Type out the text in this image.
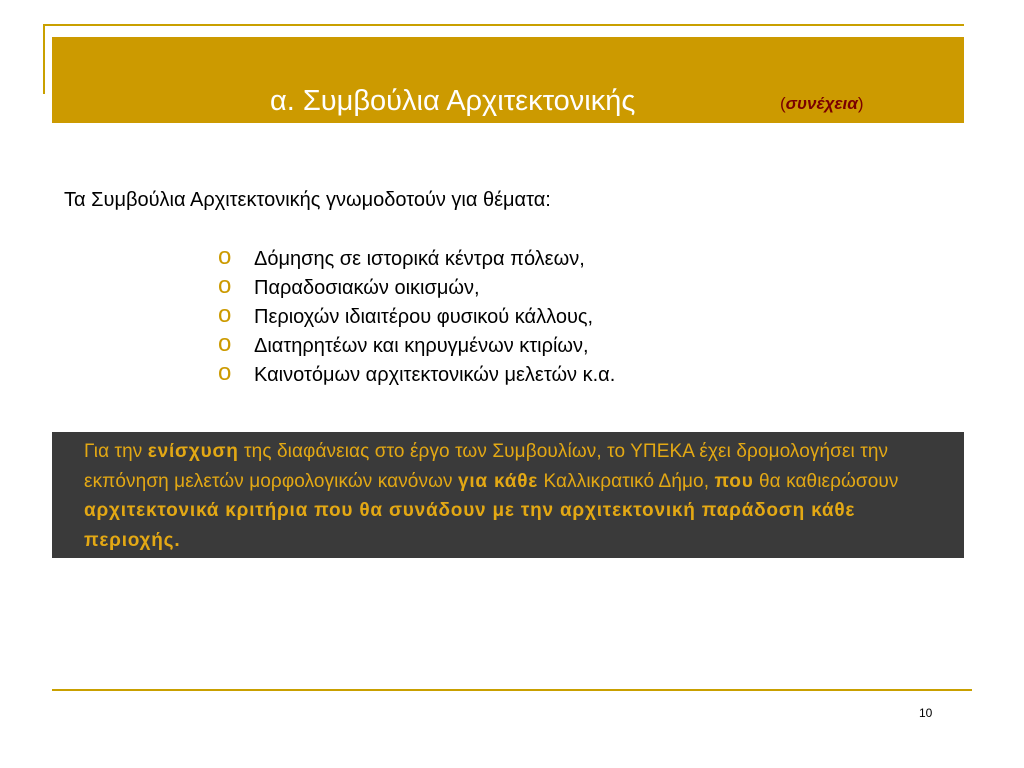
α. Συμβούλια Αρχιτεκτονικής	(συνέχεια)
Τα Συμβούλια Αρχιτεκτονικής γνωμοδοτούν για θέματα:
o Δόμησης σε ιστορικά κέντρα πόλεων,
o Παραδοσιακών οικισμών,
o Περιοχών ιδιαιτέρου φυσικού κάλλους,
o Διατηρητέων και κηρυγμένων κτιρίων,
o Καινοτόμων αρχιτεκτονικών μελετών κ.α.
Για την ενίσχυση της διαφάνειας στο έργο των Συμβουλίων, το ΥΠΕΚΑ έχει δρομολογήσει την εκπόνηση μελετών μορφολογικών κανόνων για κάθε Καλλικρατικό Δήμο, που θα καθιερώσουν αρχιτεκτονικά κριτήρια που θα συνάδουν με την αρχιτεκτονική παράδοση κάθε περιοχής.
10
